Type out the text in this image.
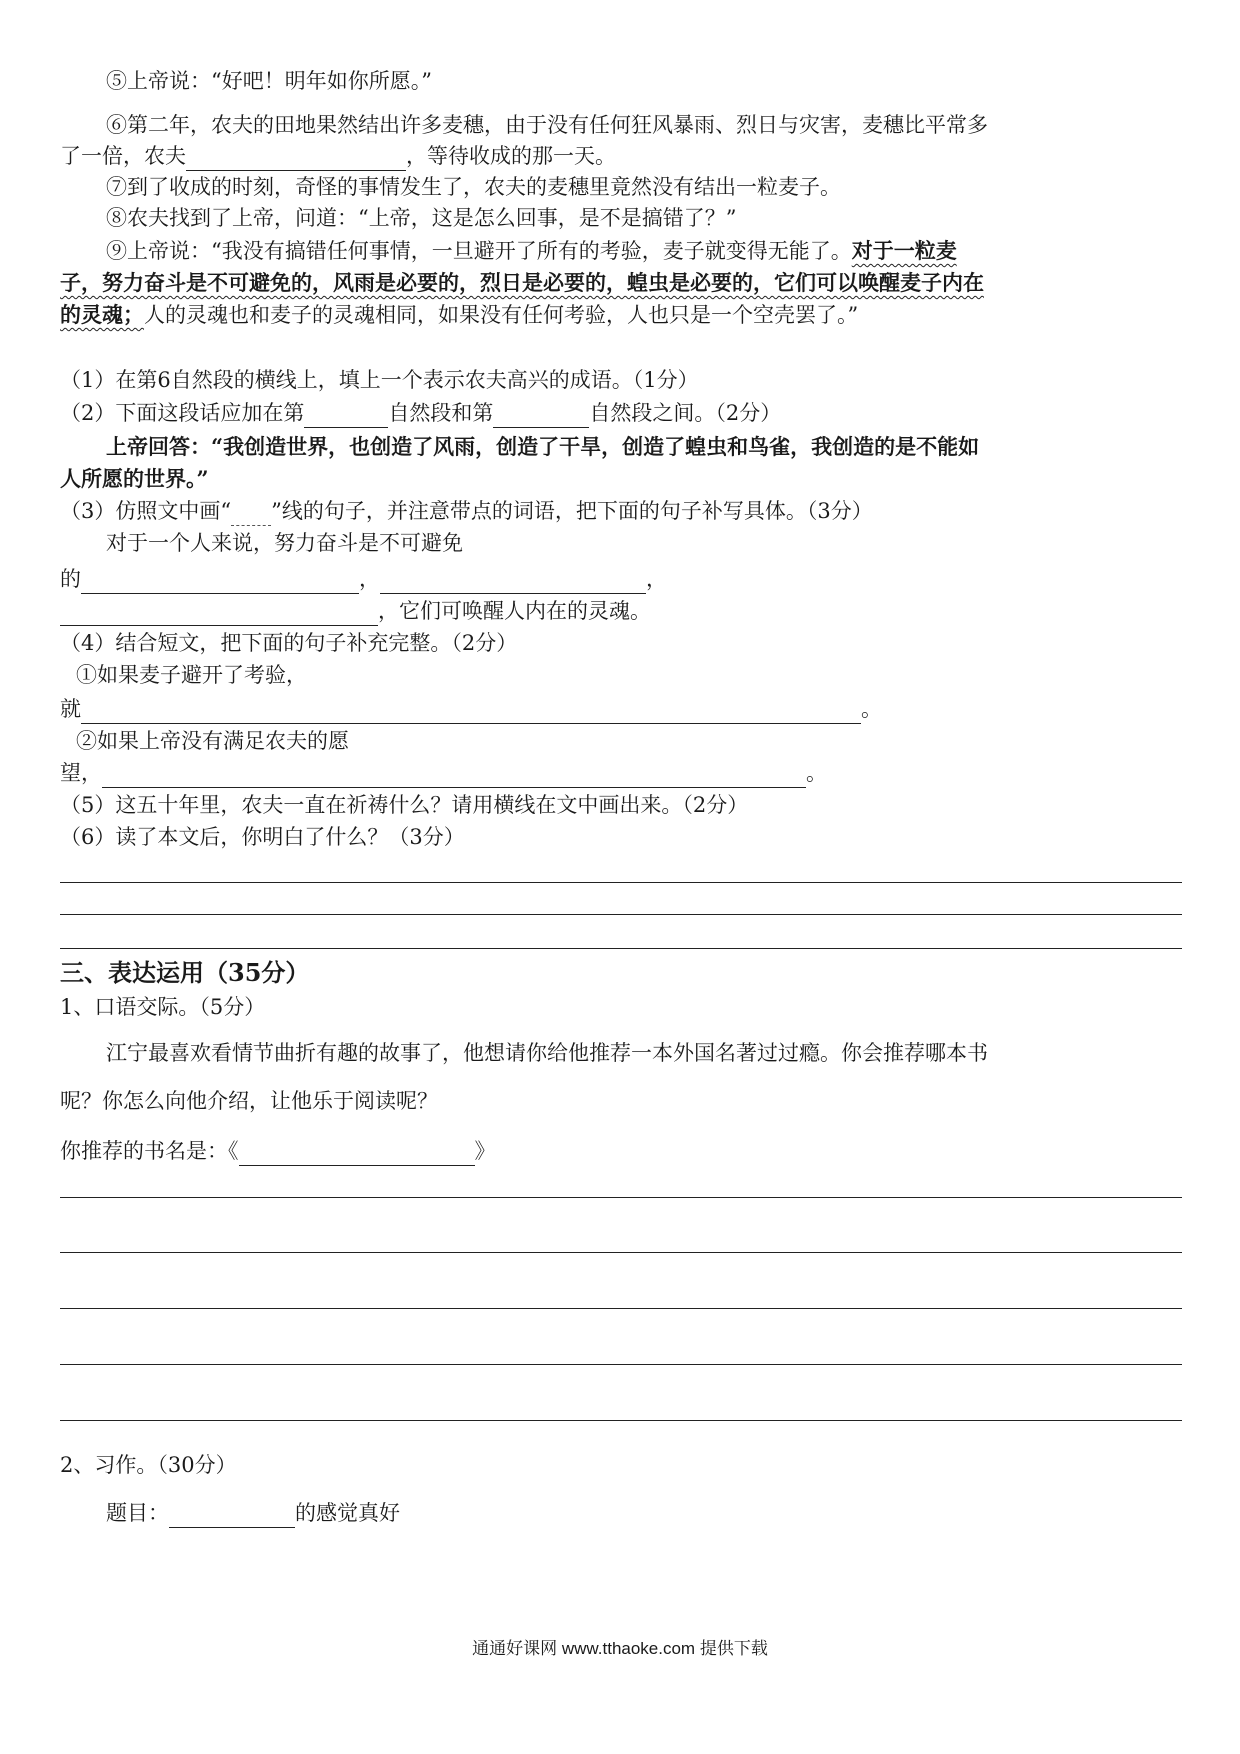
⑤上帝说：“好吧！明年如你所愿。”
⑥第二年，农夫的田地果然结出许多麦穗，由于没有任何狂风暴雨、烈日与灾害，麦穗比平常多
了一倍，农夫	，等待收成的那一天。
⑦到了收成的时刻，奇怪的事情发生了，农夫的麦穗里竟然没有结出一粒麦子。
⑧农夫找到了上帝，问道：“上帝，这是怎么回事，是不是搞错了？”
⑨上帝说：“我没有搞错任何事情，一旦避开了所有的考验，麦子就变得无能了。对于一粒麦
子，努力奋斗是不可避免的，风雨是必要的，烈日是必要的，蝗虫是必要的，它们可以唤醒麦子内在
的灵魂；人的灵魂也和麦子的灵魂相同，如果没有任何考验，人也只是一个空壳罢了。”
（1）在第6自然段的横线上，填上一个表示农夫高兴的成语。（1分）
（2）下面这段话应加在第	自然段和第	自然段之间。（2分）
上帝回答：“我创造世界，也创造了风雨，创造了干旱，创造了蝗虫和鸟雀，我创造的是不能如
人所愿的世界。”
（3）仿照文中画“ ”线的句子，并注意带点的词语，把下面的句子补写具体。（3分）
对于一个人来说，努力奋斗是不可避免
的	，	，
，它们可唤醒人内在的灵魂。
（4）结合短文，把下面的句子补充完整。（2分）
①如果麦子避开了考验，
就	。
②如果上帝没有满足农夫的愿
望，	。
（5）这五十年里，农夫一直在祈祷什么？请用横线在文中画出来。（2分）
（6）读了本文后，你明白了什么？（3分）
三、表达运用（35分）
1、口语交际。（5分）
江宁最喜欢看情节曲折有趣的故事了，他想请你给他推荐一本外国名著过过瘾。你会推荐哪本书
呢？你怎么向他介绍，让他乐于阅读呢？
你推荐的书名是：《	》
2、习作。（30分）
题目：	的感觉真好
通通好课网 www.tthaoke.com 提供下载
